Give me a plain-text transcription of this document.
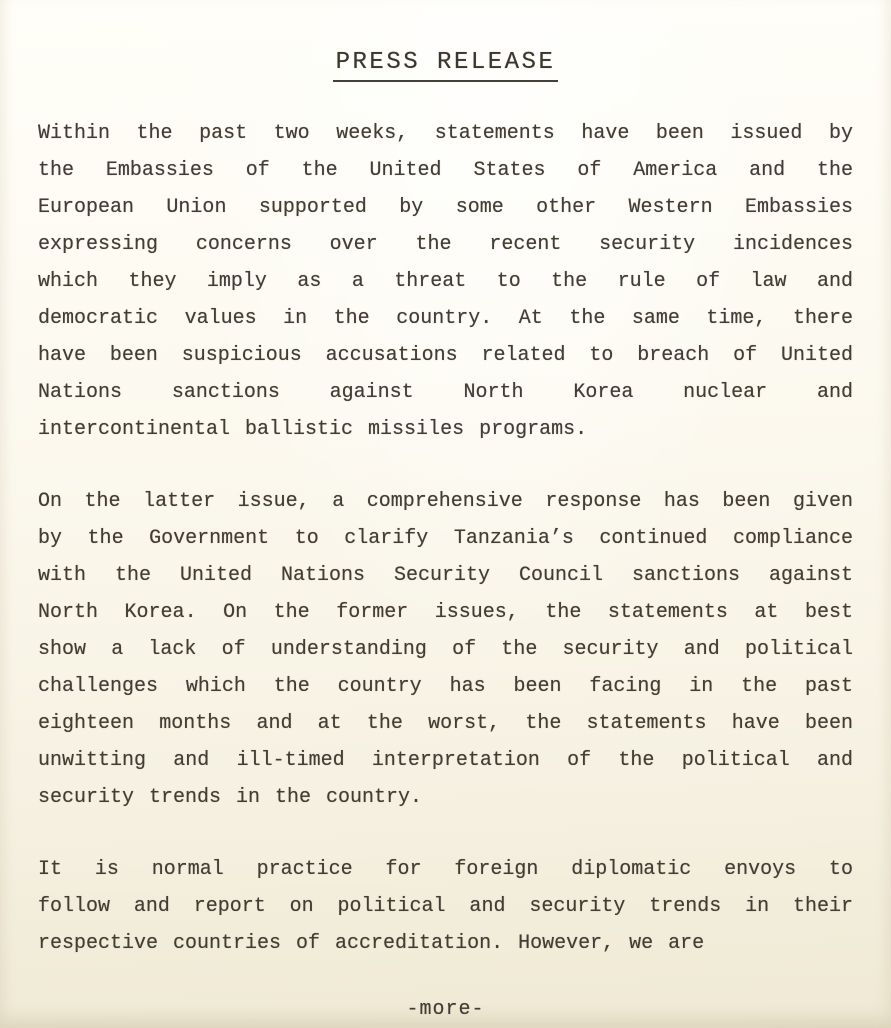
PRESS RELEASE
Within the past two weeks, statements have been issued by
the Embassies of the United States of America and the
European Union supported by some other Western Embassies
expressing concerns over the recent security incidences
which they imply as a threat to the rule of law and
democratic values in the country. At the same time, there
have been suspicious accusations related to breach of United
Nations sanctions against North Korea nuclear and
intercontinental ballistic missiles programs.
On the latter issue, a comprehensive response has been given
by the Government to clarify Tanzania’s continued compliance
with the United Nations Security Council sanctions against
North Korea. On the former issues, the statements at best
show a lack of understanding of the security and political
challenges which the country has been facing in the past
eighteen months and at the worst, the statements have been
unwitting and ill-timed interpretation of the political and
security trends in the country.
It is normal practice for foreign diplomatic envoys to
follow and report on political and security trends in their
respective countries of accreditation. However, we are
-more-
